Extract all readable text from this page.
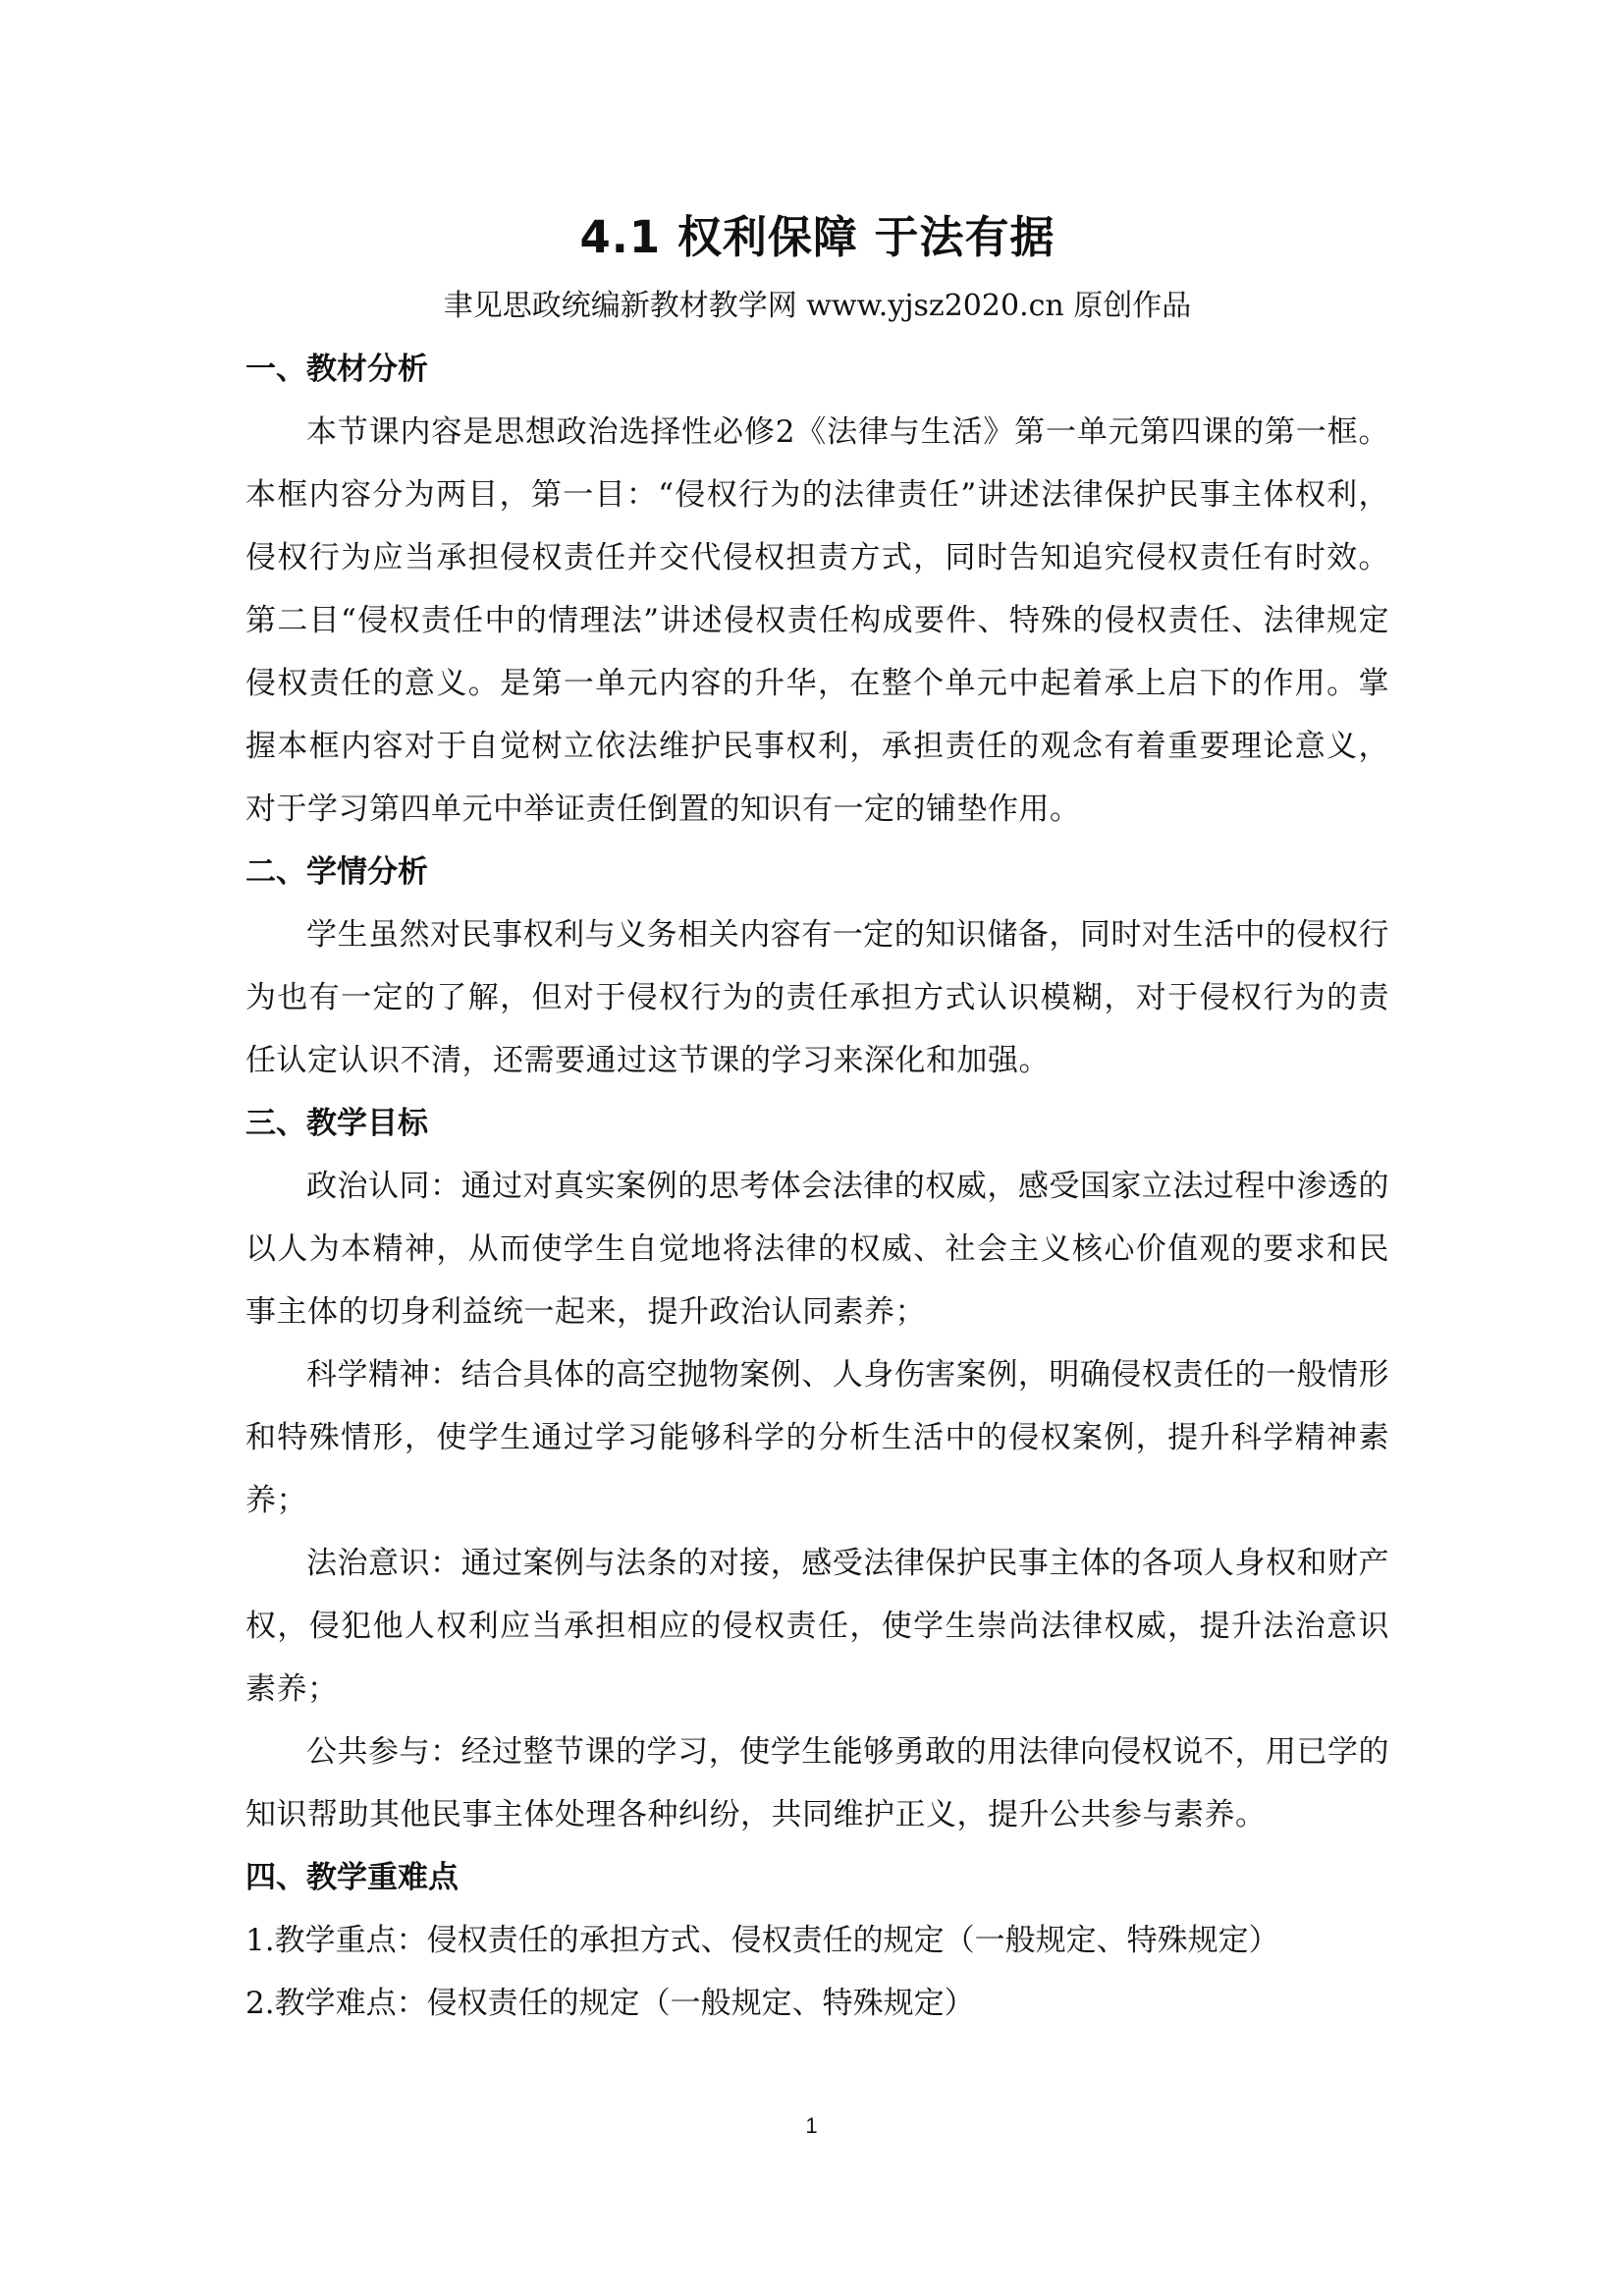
4.1 权利保障 于法有据
聿见思政统编新教材教学网 www.yjsz2020.cn 原创作品
一、教材分析

本节课内容是思想政治选择性必修2《法律与生活》第一单元第四课的第一框。本框内容分为两目，第一目：“侵权行为的法律责任”讲述法律保护民事主体权利，侵权行为应当承担侵权责任并交代侵权担责方式，同时告知追究侵权责任有时效。第二目“侵权责任中的情理法”讲述侵权责任构成要件、特殊的侵权责任、法律规定侵权责任的意义。是第一单元内容的升华，在整个单元中起着承上启下的作用。掌握本框内容对于自觉树立依法维护民事权利，承担责任的观念有着重要理论意义，对于学习第四单元中举证责任倒置的知识有一定的铺垫作用。

二、学情分析

学生虽然对民事权利与义务相关内容有一定的知识储备，同时对生活中的侵权行为也有一定的了解，但对于侵权行为的责任承担方式认识模糊，对于侵权行为的责任认定认识不清，还需要通过这节课的学习来深化和加强。

三、教学目标

政治认同：通过对真实案例的思考体会法律的权威，感受国家立法过程中渗透的以人为本精神，从而使学生自觉地将法律的权威、社会主义核心价值观的要求和民事主体的切身利益统一起来，提升政治认同素养；

科学精神：结合具体的高空抛物案例、人身伤害案例，明确侵权责任的一般情形和特殊情形，使学生通过学习能够科学的分析生活中的侵权案例，提升科学精神素养；

法治意识：通过案例与法条的对接，感受法律保护民事主体的各项人身权和财产权，侵犯他人权利应当承担相应的侵权责任，使学生崇尚法律权威，提升法治意识素养；

公共参与：经过整节课的学习，使学生能够勇敢的用法律向侵权说不，用已学的知识帮助其他民事主体处理各种纠纷，共同维护正义，提升公共参与素养。

四、教学重难点
1.教学重点：侵权责任的承担方式、侵权责任的规定（一般规定、特殊规定）
2.教学难点：侵权责任的规定（一般规定、特殊规定）
1
